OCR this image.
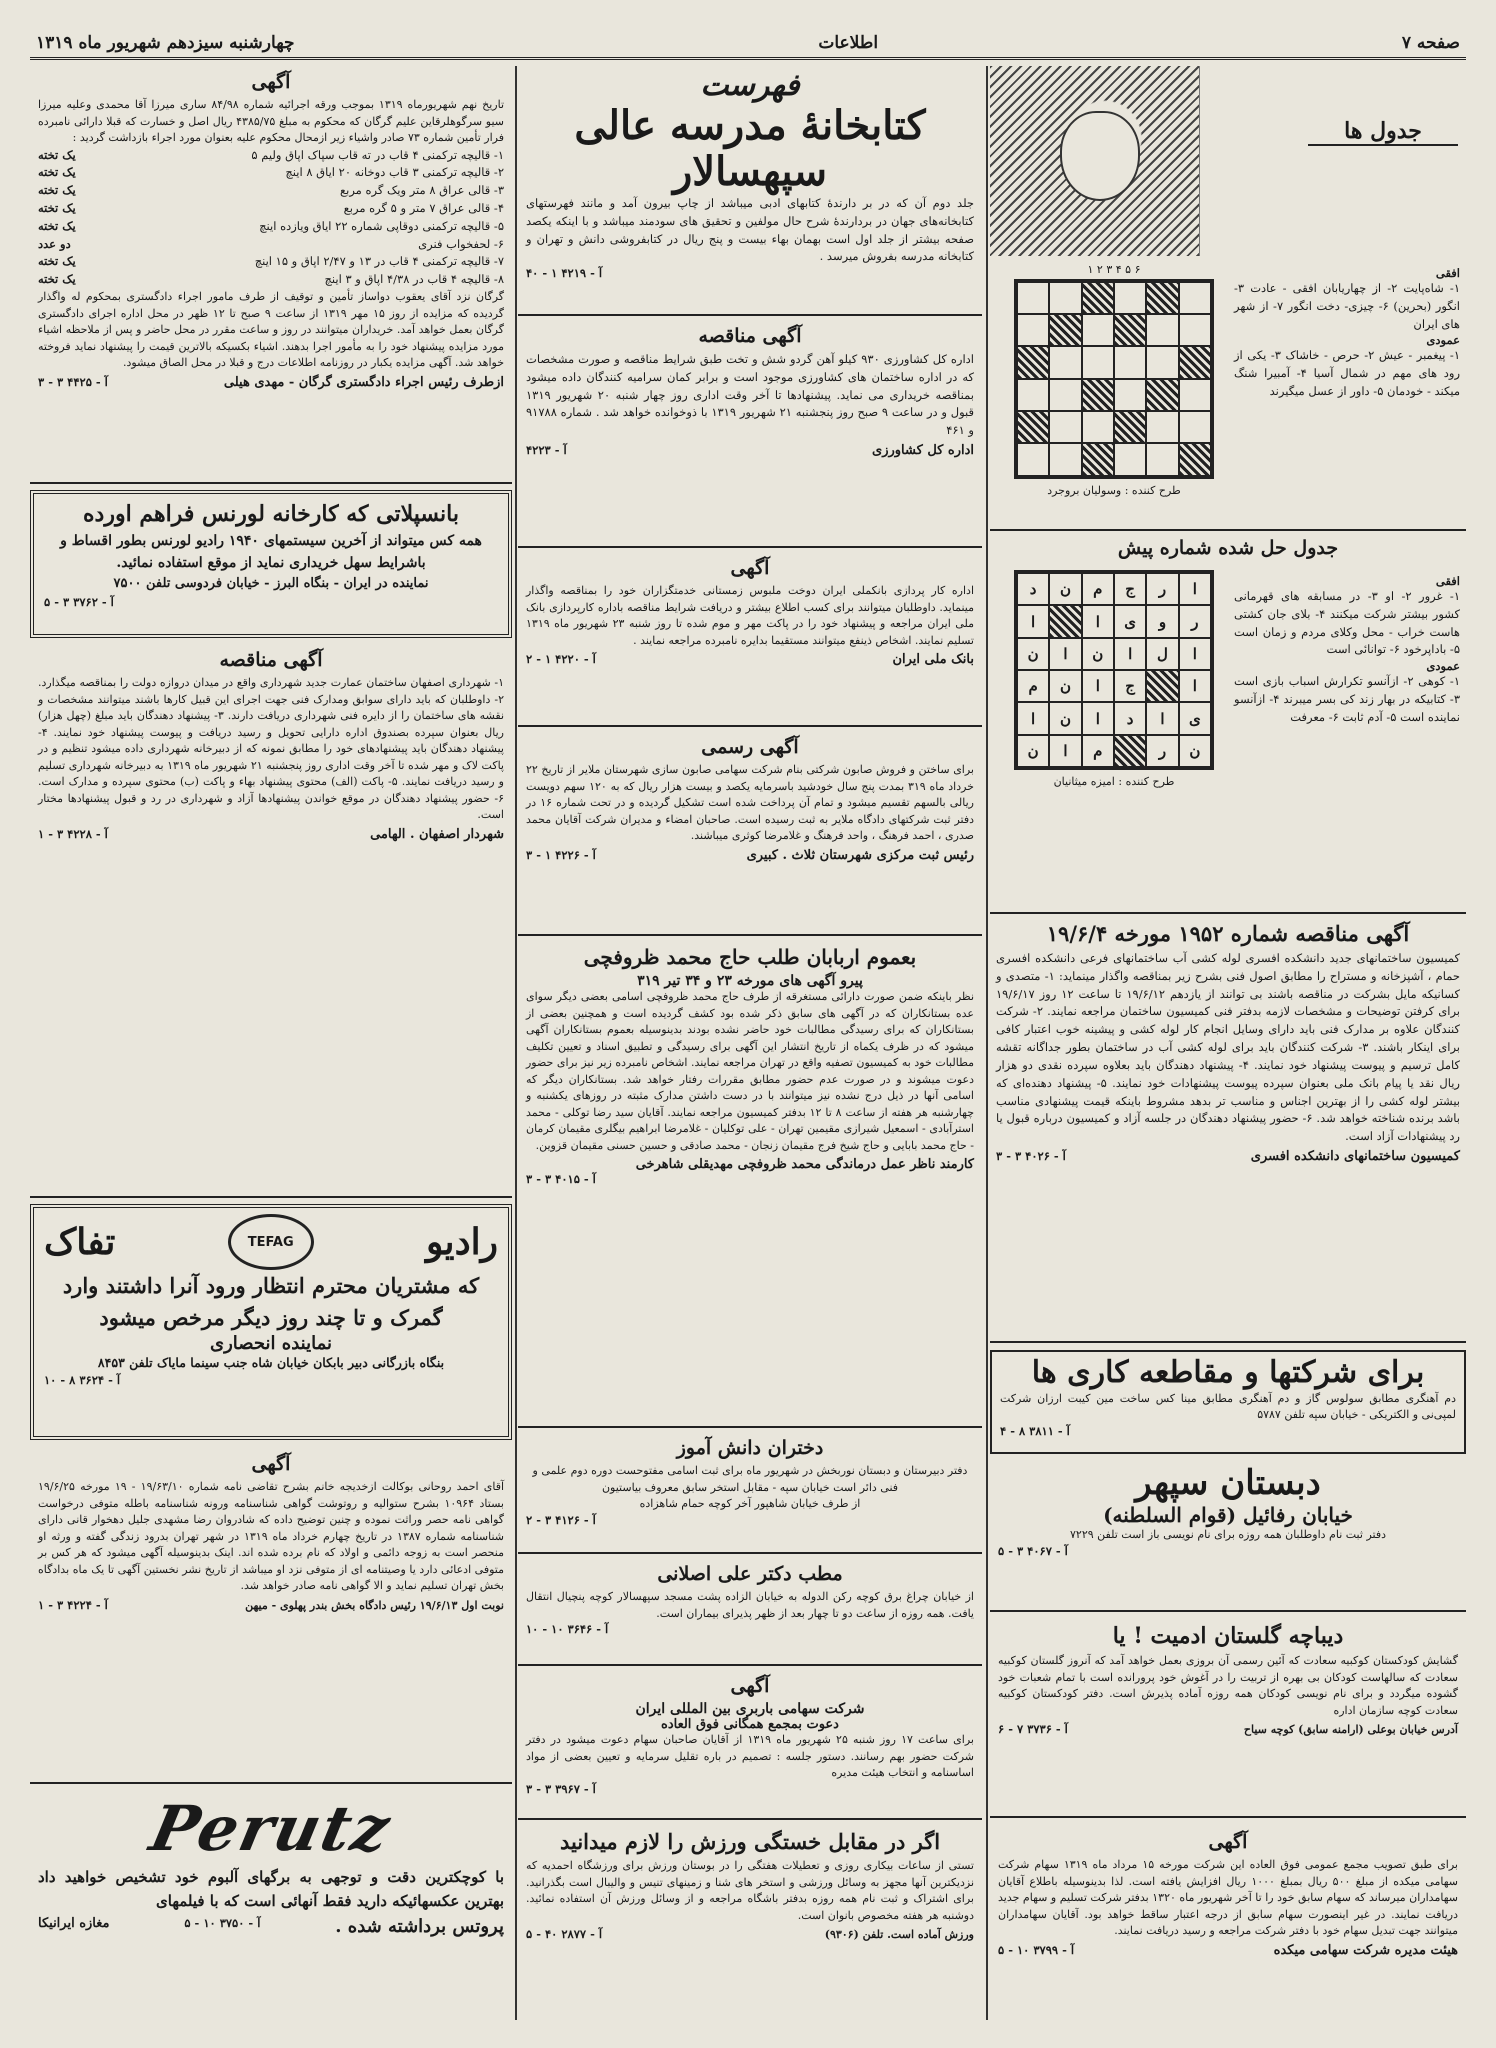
صفحه ۷
اطلاعات
چهارشنبه سیزدهم شهریور ماه ۱۳۱۹
جدول ها
۶ ۵ ۴ ۳ ۲ ۱
طرح کننده : وسولیان بروجرد
افقی

۱- شاه‌پایت ۲- از چهاریابان افقی - عادت ۳- انگور (بحرین) ۶- چیزی- دخت انگور ۷- از شهر های ایران

عمودی

۱- پیغمبر - عیش ۲- حرص - خاشاک ۳- یکی از رود های مهم در شمال آسیا ۴- آمبیرا شنگ میکند - خودمان ۵- داور از عسل میگیرند

جدول حل شده شماره پیش
ا
ر
ج
م
ن
د
ر
و
ی
ا
ا
ا
ل
ا
ن
ا
ن
ا
ج
ا
ن
م
ی
ا
د
ا
ن
ا
ن
ر
م
ا
ن
طرح کننده : امیزه میثانیان
افقی

۱- غرور ۲- او ۳- در مسابقه های قهرمانی کشور بیشتر شرکت میکنند ۴- بلای جان کشتی هاست خراب - محل وکلای مردم و زمان است ۵- باداپرخود ۶- توانائی است

عمودی

۱- کوهی ۲- ازآنسو تکرارش اسباب بازی است ۳- کتابیکه در بهار زند کی بسر میبرند ۴- ازآنسو نماینده است ۵- آدم ثابت ۶- معرفت

آگهی مناقصه شماره ۱۹۵۲ مورخه ۱۹/۶/۴

کمیسیون ساختمانهای جدید دانشکده افسری لوله کشی آب ساختمانهای فرعی دانشکده افسری حمام ، آشپزخانه و مستراح را مطابق اصول فنی بشرح زیر بمناقصه واگذار مینماید: ۱- متصدی و کسانیکه مایل بشرکت در مناقصه باشند بی توانند از یازدهم ۱۹/۶/۱۲ تا ساعت ۱۲ روز ۱۹/۶/۱۷ برای کرفتن توضیحات و مشخصات لازمه بدفتر فنی کمیسیون ساختمان مراجعه نمایند. ۲- شرکت کنندگان علاوه بر مدارک فنی باید دارای وسایل انجام کار لوله کشی و پیشینه خوب اعتبار کافی برای اینکار باشند. ۳- شرکت کنندگان باید برای لوله کشی آب در ساختمان بطور جداگانه تقشه کامل ترسیم و پیوست پیشنهاد خود نمایند. ۴- پیشنهاد دهندگان باید بعلاوه سپرده نقدی دو هزار ریال نقد یا پیام بانک ملی بعنوان سپرده پیوست پیشنهادات خود نمایند. ۵- پیشنهاد دهنده‌ای که بیشتر لوله کشی را از بهترین اجناس و مناسب تر بدهد مشروط باینکه قیمت پیشنهادی مناسب باشد برنده شناخته خواهد شد. ۶- حضور پیشنهاد دهندگان در جلسه آزاد و کمیسیون درباره قبول یا رد پیشنهادات آزاد است.

کمیسیون ساختمانهای دانشکده افسری
آ - ۴۰۲۶ ۳ - ۳
برای شرکتها و مقاطعه کاری ها

دم آهنگری مطابق سولوس گاز و دم آهنگری مطابق مینا کس ساخت مین کیبت ارزان شرکت لمپی‌نی و الکتریکی - خیابان سپه تلفن ۵۷۸۷

آ - ۳۸۱۱ ۸ - ۴
دبستان سپهر
خیابان رفائیل (قوام السلطنه)

دفتر ثبت نام داوطلبان همه روزه برای نام نویسی باز است تلفن ۷۲۲۹

آ - ۴۰۶۷ ۳ - ۵
دیباچه گلستان ادمیت ! یا

گشایش کودکستان کوکبیه سعادت که آئین رسمی آن بروزی بعمل خواهد آمد که آنروز گلستان کوکبیه سعادت که سالهاست کودکان بی بهره از تربیت را در آغوش خود پرورانده است با تمام شعبات خود گشوده میگردد و برای نام نویسی کودکان همه روزه آماده پذیرش است. دفتر کودکستان کوکبیه سعادت کوچه سازمان اداره

آدرس خیابان بوعلی (ارامنه سابق) کوچه سیاح
آ - ۳۷۳۶ ۷ - ۶
آگهی

برای طبق تصویب مجمع عمومی فوق العاده این شرکت مورخه ۱۵ مرداد ماه ۱۳۱۹ سهام شرکت سهامی میکده از مبلغ ۵۰۰ ریال بمبلغ ۱۰۰۰ ریال افزایش یافته است. لذا بدینوسیله باطلاع آقایان سهامداران میرساند که سهام سابق خود را تا آخر شهریور ماه ۱۳۲۰ بدفتر شرکت تسلیم و سهام جدید دریافت نمایند. در غیر اینصورت سهام سابق از درجه اعتبار ساقط خواهد بود. آقایان سهامداران میتوانند جهت تبدیل سهام خود با دفتر شرکت مراجعه و رسید دریافت نمایند.

هیئت مدیره شرکت سهامی میکده
آ - ۳۷۹۹ ۱۰ - ۵
فهرست
کتابخانهٔ مدرسه عالی سپهسالار

جلد دوم آن که در بر دارندهٔ کتابهای ادبی میباشد از چاپ بیرون آمد و مانند فهرستهای کتابخانه‌های جهان در بردارندهٔ شرح حال مولفین و تحقیق های سودمند میباشد و با اینکه یکصد صفحه بیشتر از جلد اول است بهمان بهاء بیست و پنج ریال در کتابفروشی دانش و تهران و کتابخانه مدرسه بفروش میرسد .

آ - ۴۲۱۹ ۱ - ۴۰
آگهی مناقصه

اداره کل کشاورزی ۹۳۰ کیلو آهن گردو شش و تخت طبق شرایط مناقصه و صورت مشخصات که در اداره ساختمان های کشاورزی موجود است و برابر کمان سرامیه کنندگان داده میشود بمناقصه خریداری می نماید. پیشنهادها تا آخر وقت اداری روز چهار شنبه ۲۰ شهریور ۱۳۱۹ قبول و در ساعت ۹ صبح روز پنجشنبه ۲۱ شهریور ۱۳۱۹ با ذوخوانده خواهد شد . شماره ۹۱۷۸۸ و ۴۶۱

اداره کل کشاورزی
آ - ۴۲۲۳
آگهی

اداره کار پردازی بانکملی ایران دوخت ملبوس زمستانی خدمتگزاران خود را بمناقصه واگذار مینماید. داوطلبان میتوانند برای کسب اطلاع بیشتر و دریافت شرایط مناقصه باداره کارپردازی بانک ملی ایران مراجعه و پیشنهاد خود را در پاکت مهر و موم شده تا روز شنبه ۲۳ شهریور ماه ۱۳۱۹ تسلیم نمایند. اشخاص ذینفع میتوانند مستقیما بدایره نامبرده مراجعه نمایند .

بانک ملی ایران
آ - ۴۲۲۰ ۱ - ۲
آگهی رسمی

برای ساختن و فروش صابون شرکتی بنام شرکت سهامی صابون سازی شهرستان ملایر از تاریخ ۲۲ خرداد ماه ۳۱۹ بمدت پنج سال خودشید باسرمایه یکصد و بیست هزار ریال که به ۱۲۰ سهم دویست ریالی بالسهم تقسیم میشود و تمام آن پرداخت شده است تشکیل گردیده و در تحت شماره ۱۶ در دفتر ثبت شرکتهای دادگاه ملایر به ثبت رسیده است. صاحبان امضاء و مدیران شرکت آقایان محمد صدری ، احمد فرهنگ ، واحد فرهنگ و غلامرضا کوثری میباشند.

رئیس ثبت مرکزی شهرستان ثلاث . کبیری
آ - ۴۲۲۶ ۱ - ۳
بعموم اربابان طلب حاج محمد ظروفچی
پیرو آگهی های مورخه ۲۳ و ۳۴ تیر ۳۱۹

نظر باینکه ضمن صورت دارائی مستغرقه از طرف حاج محمد ظروفچی اسامی بعضی دیگر سوای عده بستانکاران که در آگهی های سابق ذکر شده بود کشف گردیده است و همچنین بعضی از بستانکاران که برای رسیدگی مطالبات خود حاضر نشده بودند بدینوسیله بعموم بستانکاران آگهی میشود که در ظرف یکماه از تاریخ انتشار این آگهی برای رسیدگی و تطبیق اسناد و تعیین تکلیف مطالبات خود به کمیسیون تصفیه واقع در تهران مراجعه نمایند. اشخاص نامبرده زیر نیز برای حضور دعوت میشوند و در صورت عدم حضور مطابق مقررات رفتار خواهد شد. بستانکاران دیگر که اسامی آنها در ذیل درج نشده نیز میتوانند با در دست داشتن مدارک مثبته در روزهای یکشنبه و چهارشنبه هر هفته از ساعت ۸ تا ۱۲ بدفتر کمیسیون مراجعه نمایند. آقایان سید رضا توکلی - محمد استرآبادی - اسمعیل شیرازی مقیمین تهران - علی توکلیان - غلامرضا ابراهیم بیگلری مقیمان کرمان - حاج محمد بابایی و حاج شیخ فرج مقیمان زنجان - محمد صادقی و حسین حسنی مقیمان قزوین.

کارمند ناظر عمل درماندگی محمد ظروفچی مهدیقلی شاهرخی
آ - ۴۰۱۵ ۳ - ۳
دختران دانش آموز

دفتر دبیرستان و دبستان نوربخش در شهریور ماه برای ثبت اسامی مفتوحست دوره دوم علمی و فنی دائر است خیابان سپه - مقابل استخر سابق معروف بیاستیون

از طرف خیابان شاهپور آخر کوچه حمام شاهزاده

آ - ۴۱۲۶ ۳ - ۲
مطب دکتر علی اصلانی

از خیابان چراغ برق کوچه رکن الدوله به خیابان الزاده پشت مسجد سپهسالار کوچه پنچیال انتقال یافت. همه روزه از ساعت دو تا چهار بعد از ظهر پذیرای بیماران است.

آ - ۳۶۴۶ ۱۰ - ۱۰
آگهی
شرکت سهامی باربری بین المللی ایران
دعوت بمجمع همگانی فوق العاده

برای ساعت ۱۷ روز شنبه ۲۵ شهریور ماه ۱۳۱۹ از آقایان صاحبان سهام دعوت میشود در دفتر شرکت حضور بهم رسانند. دستور جلسه : تصمیم در باره تقلیل سرمایه و تعیین بعضی از مواد اساسنامه و انتخاب هیئت مدیره

آ - ۳۹۶۷ ۳ - ۳
اگر در مقابل خستگی ورزش را لازم میدانید

تستی از ساعات بیکاری روزی و تعطیلات هفتگی را در بوستان ورزش برای ورزشگاه احمدیه که نزدیکترین آنها مجهز به وسائل ورزشی و استخر های شنا و زمینهای تنیس و والیبال است بگذرانید. برای اشتراک و ثبت نام همه روزه بدفتر باشگاه مراجعه و از وسائل ورزش آن استفاده نمائید. دوشنبه هر هفته مخصوص بانوان است.

ورزش آماده است. تلفن (۹۳۰۶)
آ - ۲۸۷۷ ۴۰ - ۵
آگهی

تاریخ نهم شهریورماه ۱۳۱۹ بموجب ورقه اجرائیه شماره ۸۴/۹۸ ساری میرزا آقا محمدی وعلیه میرزا سیو سرگوهلرقاین علیم گرگان که محکوم به مبلغ ۴۳۸۵/۷۵ ریال اصل و خسارت که قبلا دارائی نامبرده فرار تأمین شماره ۷۳ صادر واشیاء زیر ازمحال محکوم علیه بعنوان مورد اجراء بازداشت گردید :

۱- قالیچه ترکمنی ۴ قاب در ته قاب سپاک اپاق ولیم ۵
یک تخته
۲- قالیچه ترکمنی ۳ قاب دوخانه ۲۰ ایاق ۸ اینچ
یک تخته
۳- قالی عراق ۸ متر ویک گره مربع
یک تخته
۴- قالی عراق ۷ متر و ۵ گره مربع
یک تخته
۵- قالیچه ترکمنی دوقاپی شماره ۲۲ ایاق ویازده اینچ
یک تخته
۶- لحفخواب فنری
دو عدد
۷- قالیچه ترکمنی ۴ قاب در ۱۳ و ۲/۴۷ اپاق و ۱۵ اینچ
یک تخته
۸- قالیچه ۴ قاب در ۴/۳۸ اپاق و ۳ اینچ
یک تخته

گرگان نزد آقای یعقوب دواساز تأمین و توقیف از طرف مامور اجراء دادگستری بمحکوم له واگذار گردیده که مزایده از روز ۱۵ مهر ۱۳۱۹ از ساعت ۹ صبح تا ۱۲ ظهر در محل اداره اجرای دادگستری گرگان بعمل خواهد آمد. خریداران میتوانند در روز و ساعت مقرر در محل حاضر و پس از ملاحظه اشیاء مورد مزایده پیشنهاد خود را به مأمور اجرا بدهند. اشیاء بکسیکه بالاترین قیمت را پیشنهاد نماید فروخته خواهد شد. آگهی مزایده یکبار در روزنامه اطلاعات درج و قبلا در محل الصاق میشود.

ازطرف رئیس اجراء دادگستری گرگان - مهدی هیلی
آ - ۴۴۲۵ ۳ - ۳
بانسپلاتی که کارخانه لورنس فراهم اورده

همه کس میتواند از آخرین سیستمهای ۱۹۴۰ رادیو لورنس بطور اقساط و باشرایط سهل خریداری نماید از موقع استفاده نمائید.

نماینده در ایران - بنگاه البرز - خیابان فردوسی تلفن ۷۵۰۰

آ - ۳۷۶۲ ۳ - ۵
آگهی مناقصه

۱- شهرداری اصفهان ساختمان عمارت جدید شهرداری واقع در میدان دروازه دولت را بمناقصه میگذارد. ۲- داوطلبان که باید دارای سوابق ومدارک فنی جهت اجرای این قبیل کارها باشند میتوانند مشخصات و نقشه های ساختمان را از دایره فنی شهرداری دریافت دارند. ۳- پیشنهاد دهندگان باید مبلغ (چهل هزار) ریال بعنوان سپرده بصندوق اداره دارایی تحویل و رسید دریافت و پیوست پیشنهاد خود نمایند. ۴- پیشنهاد دهندگان باید پیشنهادهای خود را مطابق نمونه که از دبیرخانه شهرداری داده میشود تنظیم و در پاکت لاک و مهر شده تا آخر وقت اداری روز پنجشنبه ۲۱ شهریور ماه ۱۳۱۹ به دبیرخانه شهرداری تسلیم و رسید دریافت نمایند. ۵- پاکت (الف) محتوی پیشنهاد بهاء و پاکت (ب) محتوی سپرده و مدارک است. ۶- حضور پیشنهاد دهندگان در موقع خواندن پیشنهادها آزاد و شهرداری در رد و قبول پیشنهادها مختار است.

شهردار اصفهان . الهامی
آ - ۴۲۲۸ ۳ - ۱
رادیو
TEFAG
تفاک

که مشتریان محترم انتظار ورود آنرا داشتند وارد گمرک و تا چند روز دیگر مرخص میشود

نماینده انحصاری

بنگاه بازرگانی دبیر بابکان خیابان شاه جنب سینما مایاک تلفن ۸۴۵۳

آ - ۳۶۲۴ ۸ - ۱۰
آگهی

آقای احمد روحانی بوکالت ازخدیجه خانم بشرح تقاضی نامه شماره ۱۹/۶۳/۱۰ - ۱۹ مورخه ۱۹/۶/۲۵ بستاد ۱۰۹۶۴ بشرح ستوالیه و روتوشت گواهی شناسنامه ورونه شناسنامه باطله متوفی درخواست گواهی نامه حصر وراثت نموده و چنین توضیح داده که شادروان رضا مشهدی جلیل دهخوار قانی دارای شناسنامه شماره ۱۳۸۷ در تاریخ چهارم خرداد ماه ۱۳۱۹ در شهر تهران بدرود زندگی گفته و ورثه او منحصر است به زوجه دائمی و اولاد که نام برده شده اند. اینک بدینوسیله آگهی میشود که هر کس بر متوفی ادعائی دارد یا وصیتنامه ای از متوفی نزد او میباشد از تاریخ نشر نخستین آگهی تا یک ماه بدادگاه بخش تهران تسلیم نماید و الا گواهی نامه صادر خواهد شد.

نوبت اول ۱۹/۶/۱۳ رئیس دادگاه بخش بندر پهلوی - میهن
آ - ۴۲۲۴ ۳ - ۱
Perutz

با کوچکترین دقت و توجهی به برگهای آلبوم خود تشخیص خواهید داد بهترین عکسهائیکه دارید فقط آنهائی است که با فیلمهای

پروتس برداشته شده .
آ - ۳۷۵۰ ۱۰ - ۵
مغازه ایرانیکا
